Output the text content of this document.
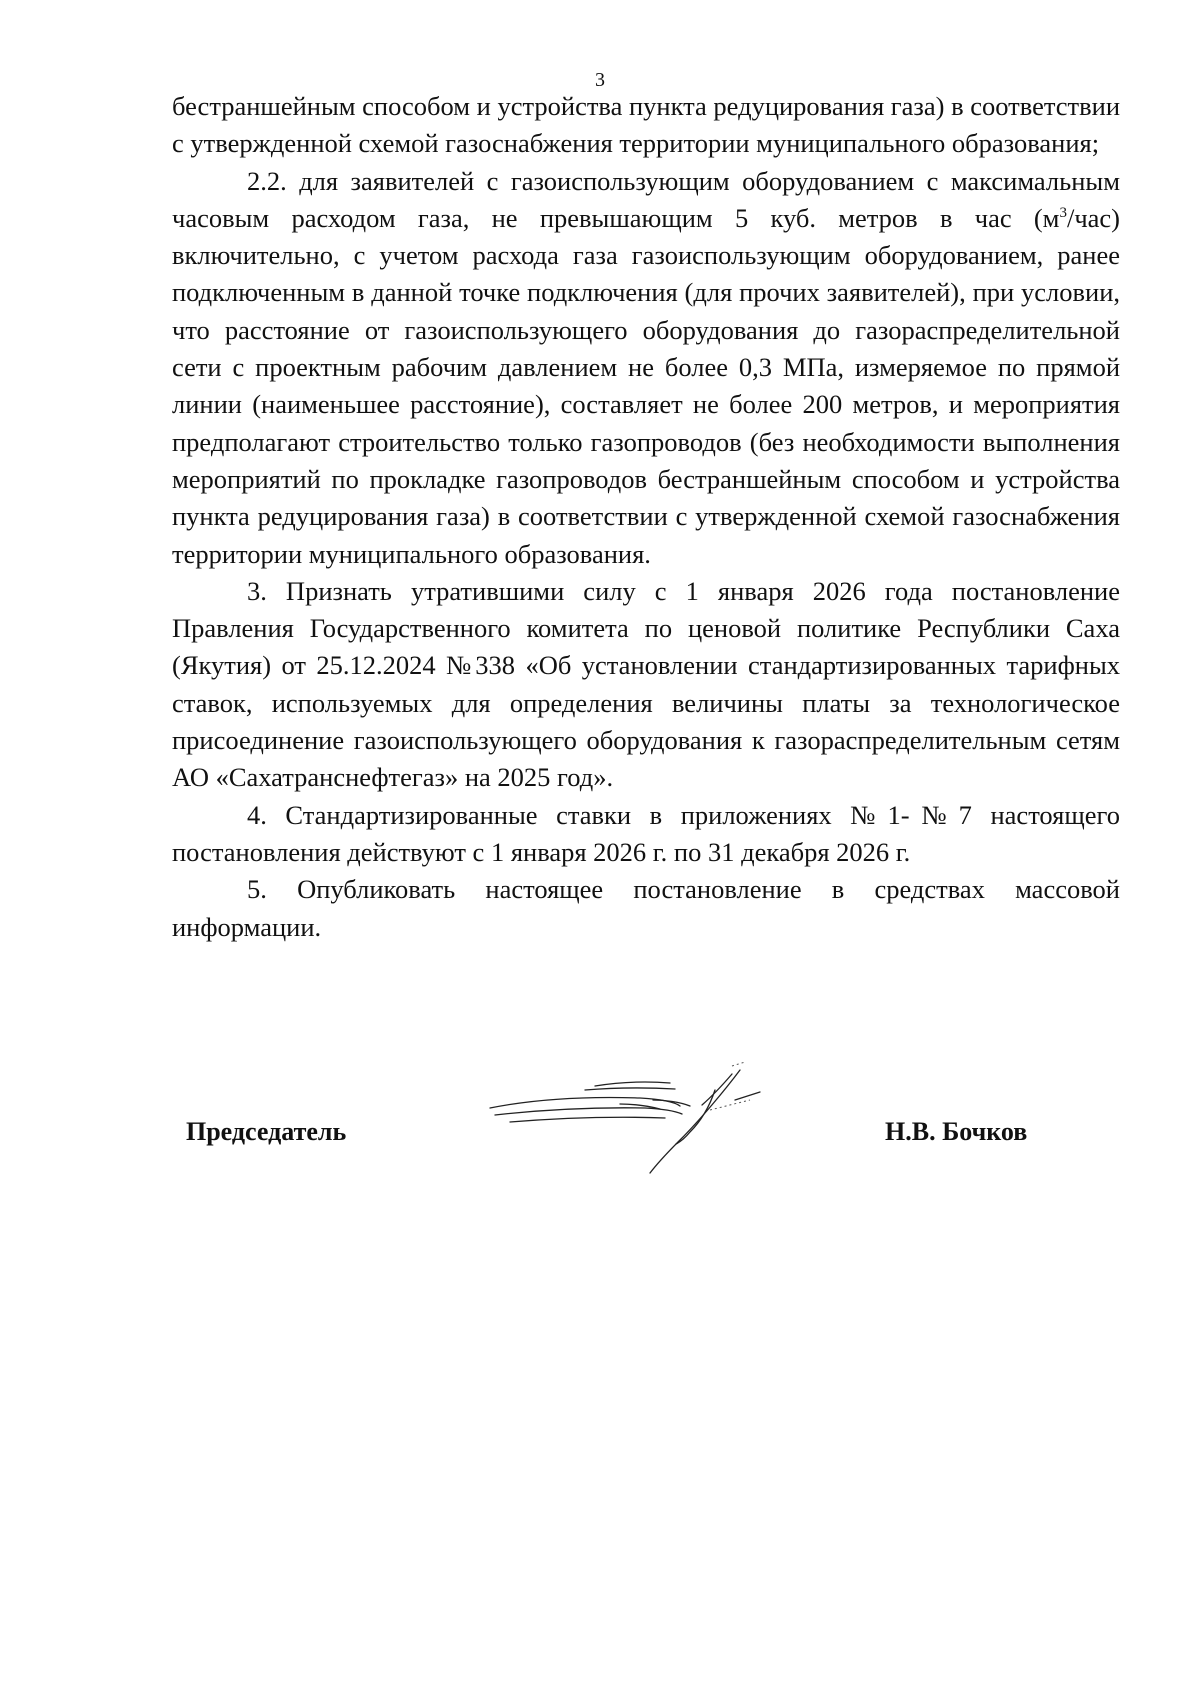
3

бестраншейным способом и устройства пункта редуцирования газа) в соответствии с утвержденной схемой газоснабжения территории муниципального образования;

2.2. для заявителей с газоиспользующим оборудованием с максимальным часовым расходом газа, не превышающим 5 куб. метров в час $(м^3/час)$ включительно, с учетом расхода газа газоиспользующим оборудованием, ранее подключенным в данной точке подключения (для прочих заявителей), при условии, что расстояние от газоиспользующего оборудования до газораспределительной сети с проектным рабочим давлением не более 0,3 МПа, измеряемое по прямой линии (наименьшее расстояние), составляет не более 200 метров, и мероприятия предполагают строительство только газопроводов (без необходимости выполнения мероприятий по прокладке газопроводов бестраншейным способом и устройства пункта редуцирования газа) в соответствии с утвержденной схемой газоснабжения территории муниципального образования.

3. Признать утратившими силу с 1 января 2026 года постановление Правления Государственного комитета по ценовой политике Республики Саха (Якутия) от 25.12.2024 №338 «Об установлении стандартизированных тарифных ставок, используемых для определения величины платы за технологическое присоединение газоиспользующего оборудования к газораспределительным сетям АО «Сахатранснефтегаз» на 2025 год».

4. Стандартизированные ставки в приложениях №1-№7 настоящего постановления действуют с 1 января 2026 г. по 31 декабря 2026 г.

5. Опубликовать настоящее постановление в средствах массовой информации.

Председатель	Н.В. Бочков
